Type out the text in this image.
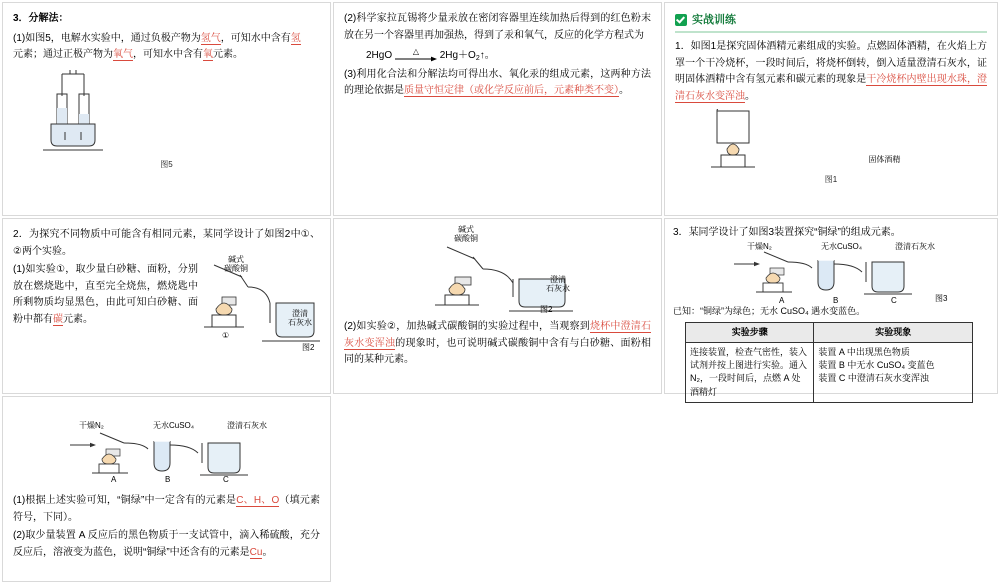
3．分解法：
(1)如图5，电解水实验中，通过负极产物为氢气，可知水中含有氢
元素；通过正极产物为氧气，可知水中含有氧元素。
图5
(2)科学家拉瓦锡将少量汞放在密闭容器里连续加热后得到的红色粉末放在另一个容器里再加强热，得到了汞和氧气，反应的化学方程式为
2HgO	△	$2Hg+O_2↑$。
(3)利用化合法和分解法均可得出水、氧化汞的组成元素，这两种方法的理论依据是质量守恒定律（或化学反应前后，元素种类不变）。
实战训练
1．如图1是探究固体酒精元素组成的实验。点燃固体酒精，在火焰上方罩一个干冷烧杯，一段时间后，将烧杯倒转，倒入适量澄清石灰水，证明固体酒精中含有氢元素和碳元素的现象是干冷烧杯内壁出现水珠，澄清石灰水变浑浊。
固体酒精
图1
2．为探究不同物质中可能含有相同元素，某同学设计了如图2中①、②两个实验。
(1)如实验①，取少量白砂糖、面粉，分别放在燃烧匙中，直至完全烧焦，燃烧匙中所剩物质均显黑色，由此可知白砂糖、面粉中都有碳元素。
碱式
碳酸铜
澄清
石灰水
①
图2
碱式
碳酸铜
澄清
石灰水
图2
(2)如实验②，加热碱式碳酸铜的实验过程中，当观察到烧杯中澄清石灰水变浑浊的现象时，也可说明碱式碳酸铜中含有与白砂糖、面粉相同的某种元素。
3．某同学设计了如图3装置探究“铜绿”的组成元素。
干燥N₂	无水CuSO₄	澄清石灰水
A	B	C	图3
已知：“铜绿”为绿色；无水 CuSO₄ 遇水变蓝色。
实验步骤	实验现象
连接装置，检查气密性，装入试剂并按上图进行实验。通入N₂，一段时间后，点燃 A 处酒精灯	装置 A 中出现黑色物质
装置 B 中无水 CuSO₄ 变蓝色
装置 C 中澄清石灰水变浑浊
干燥N₂	无水CuSO₄	澄清石灰水
A	B	C
(1)根据上述实验可知，“铜绿”中一定含有的元素是C、H、O（填元素符号，下同）。
(2)取少量装置 A 反应后的黑色物质于一支试管中，滴入稀硫酸，充分反应后，溶液变为蓝色，说明“铜绿”中还含有的元素是Cu。
